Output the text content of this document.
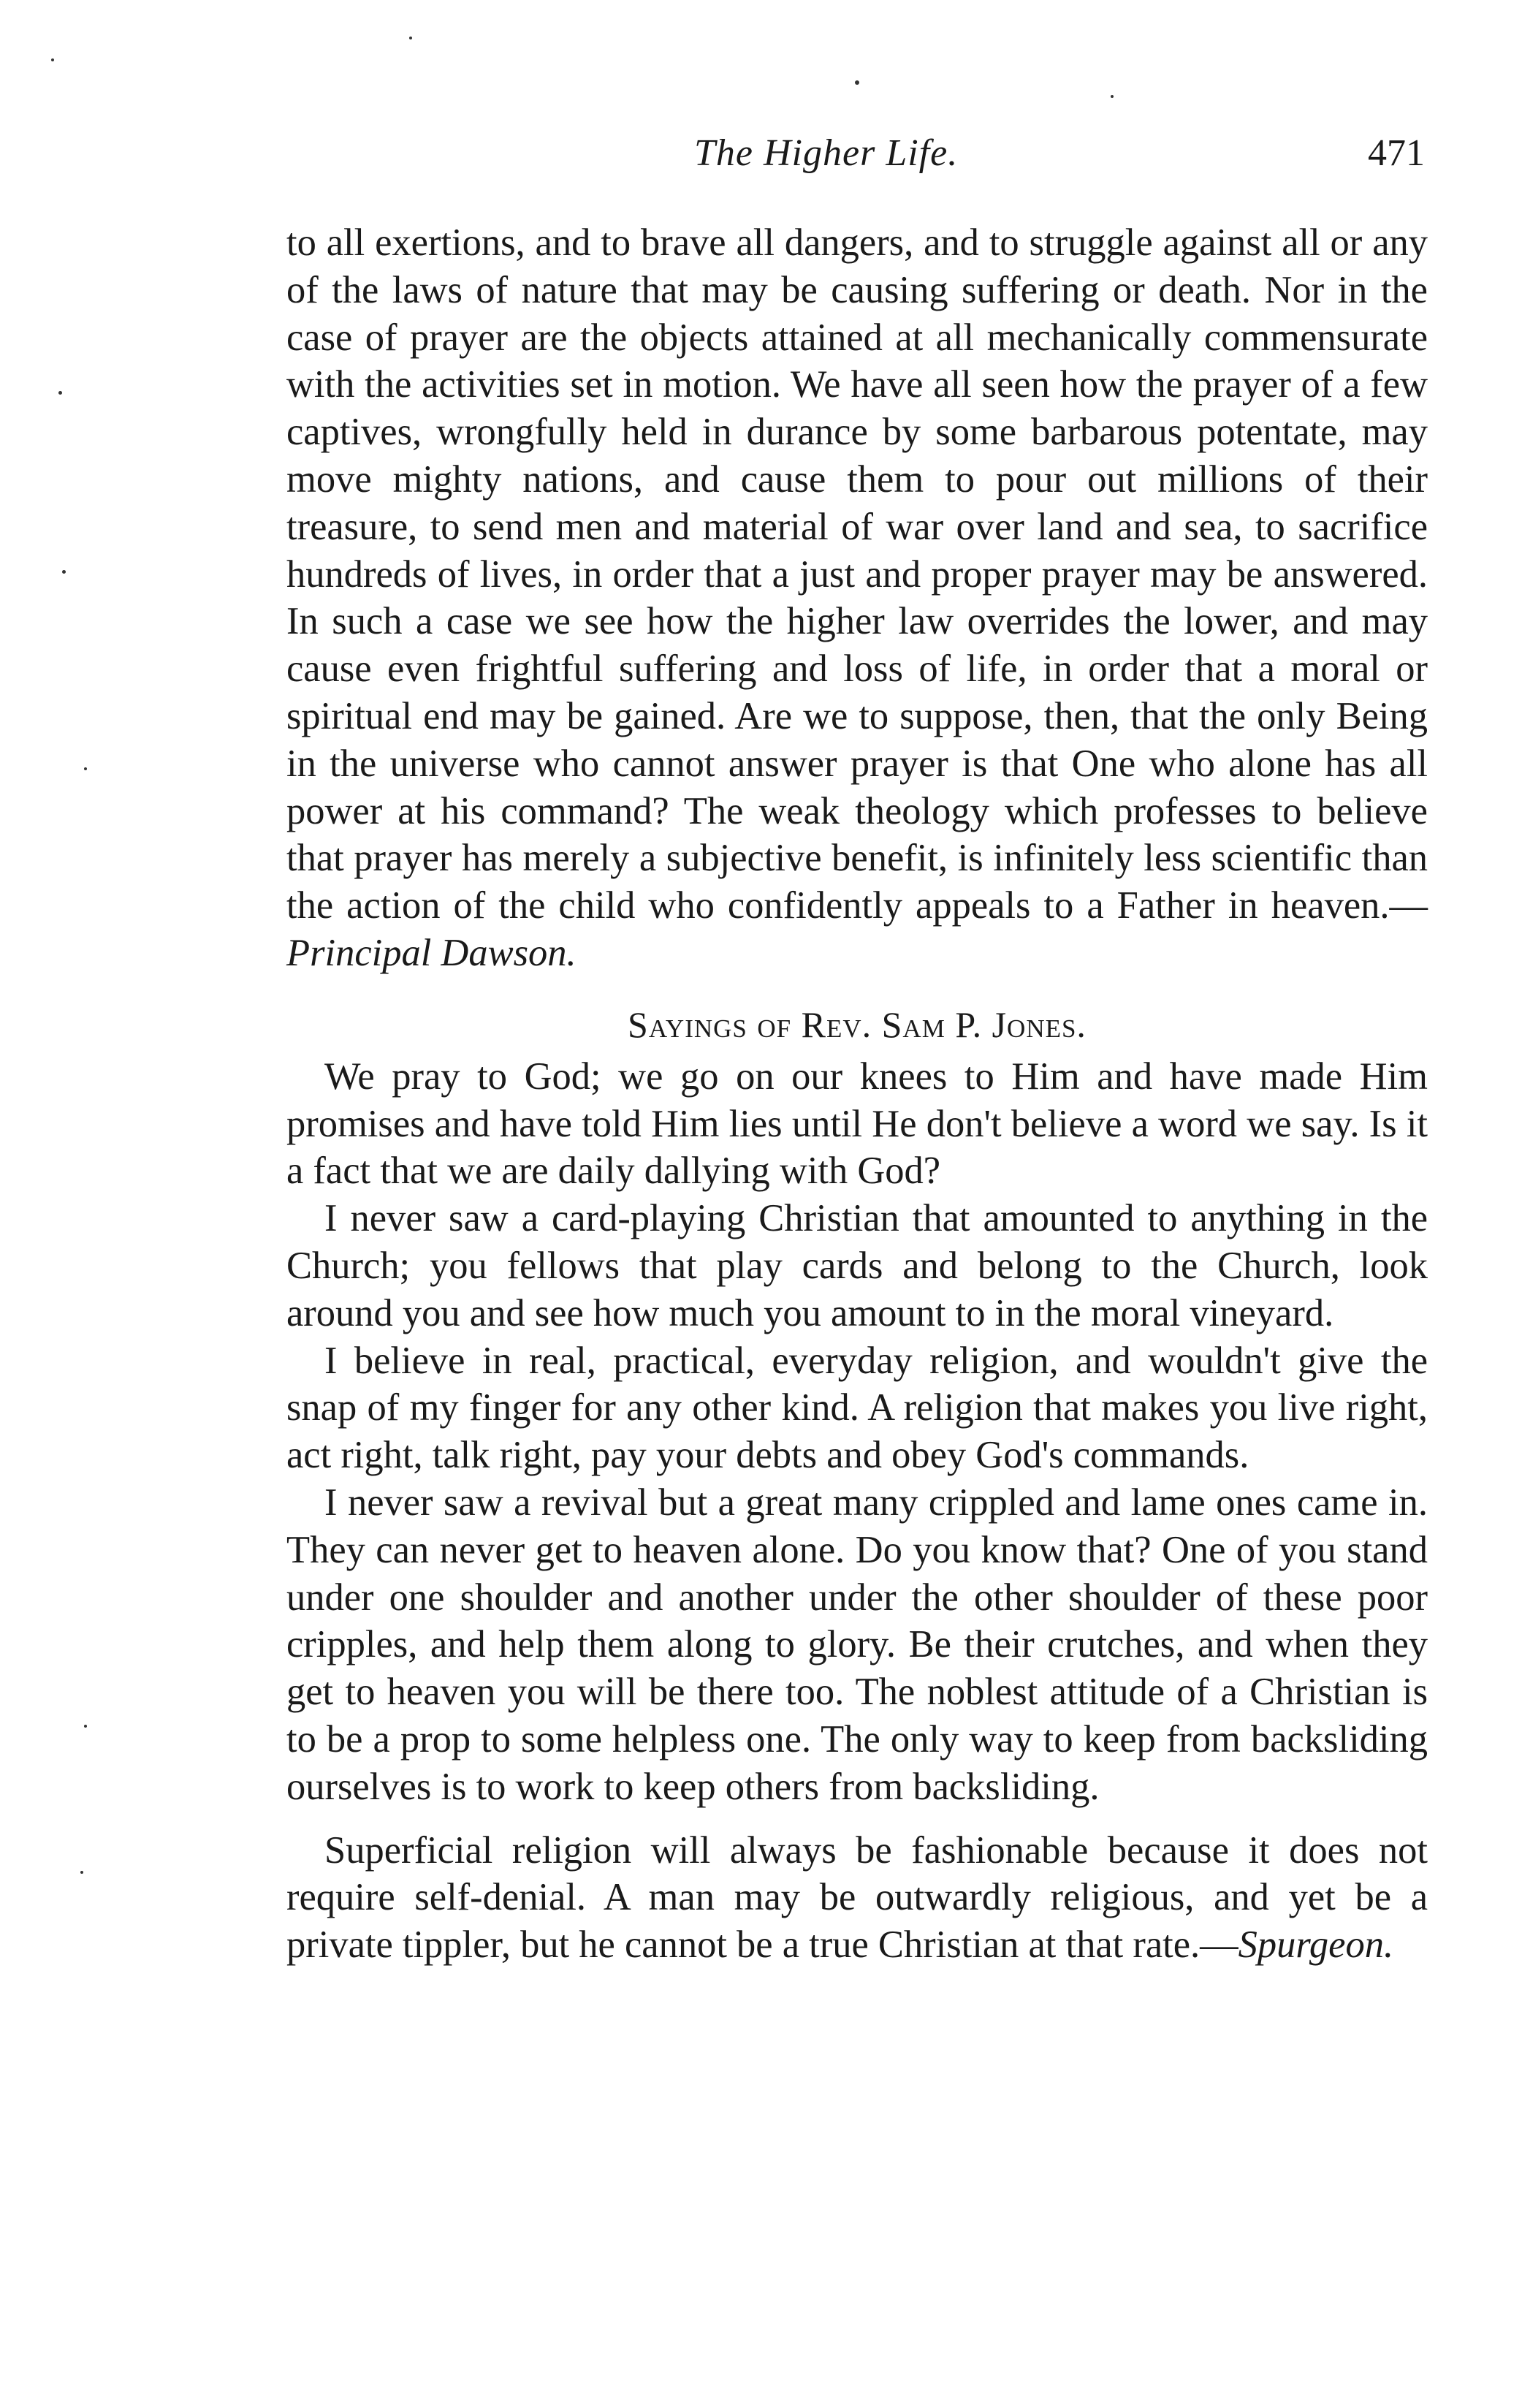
The Higher Life.	471

to all exertions, and to brave all dangers, and to struggle against all or any of the laws of nature that may be causing suffering or death. Nor in the case of prayer are the objects attained at all mechanically commensurate with the activities set in motion. We have all seen how the prayer of a few captives, wrongfully held in durance by some barbarous potentate, may move mighty nations, and cause them to pour out millions of their treasure, to send men and material of war over land and sea, to sacrifice hundreds of lives, in order that a just and proper prayer may be answered. In such a case we see how the higher law overrides the lower, and may cause even frightful suffering and loss of life, in order that a moral or spiritual end may be gained. Are we to suppose, then, that the only Being in the universe who cannot answer prayer is that One who alone has all power at his command? The weak theology which professes to believe that prayer has merely a subjective benefit, is infinitely less scientific than the action of the child who confidently appeals to a Father in heaven.—Principal Dawson.

Sayings of Rev. Sam P. Jones.

We pray to God; we go on our knees to Him and have made Him promises and have told Him lies until He don't believe a word we say. Is it a fact that we are daily dallying with God?

I never saw a card-playing Christian that amounted to anything in the Church; you fellows that play cards and belong to the Church, look around you and see how much you amount to in the moral vineyard.

I believe in real, practical, everyday religion, and wouldn't give the snap of my finger for any other kind. A religion that makes you live right, act right, talk right, pay your debts and obey God's commands.

I never saw a revival but a great many crippled and lame ones came in. They can never get to heaven alone. Do you know that? One of you stand under one shoulder and another under the other shoulder of these poor cripples, and help them along to glory. Be their crutches, and when they get to heaven you will be there too. The noblest attitude of a Christian is to be a prop to some helpless one. The only way to keep from backsliding ourselves is to work to keep others from backsliding.

Superficial religion will always be fashionable because it does not require self-denial. A man may be outwardly religious, and yet be a private tippler, but he cannot be a true Christian at that rate.—Spurgeon.
